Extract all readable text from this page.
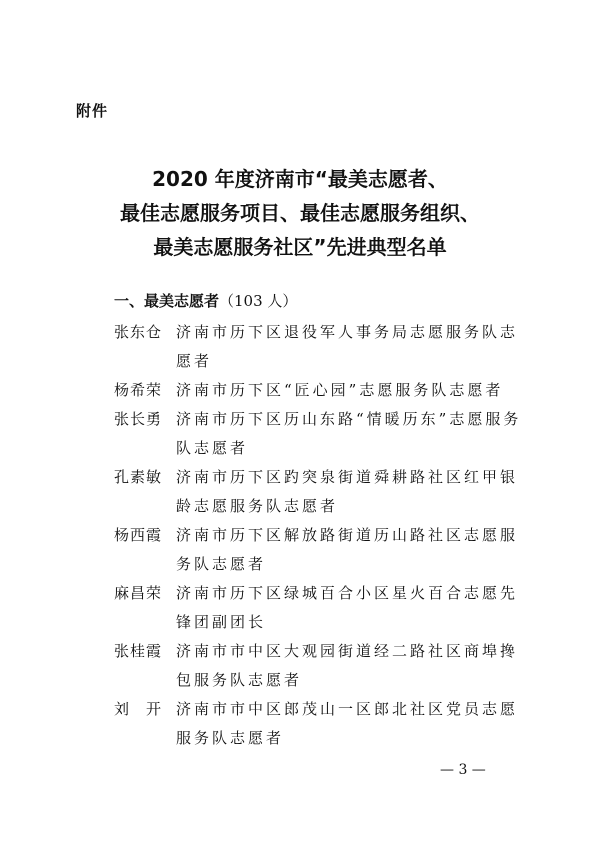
附件
2020 年度济南市“最美志愿者、
最佳志愿服务项目、最佳志愿服务组织、
最美志愿服务社区”先进典型名单
一、最美志愿者（103 人）
张东仓 济南市历下区退役军人事务局志愿服务队志愿者
杨希荣 济南市历下区“匠心园”志愿服务队志愿者
张长勇 济南市历下区历山东路“情暖历东”志愿服务队志愿者
孔素敏 济南市历下区趵突泉街道舜耕路社区红甲银龄志愿服务队志愿者
杨西霞 济南市历下区解放路街道历山路社区志愿服务队志愿者
麻昌荣 济南市历下区绿城百合小区星火百合志愿先锋团副团长
张桂霞 济南市市中区大观园街道经二路社区商埠搀包服务队志愿者
刘　开 济南市市中区郎茂山一区郎北社区党员志愿服务队志愿者
— 3 —
